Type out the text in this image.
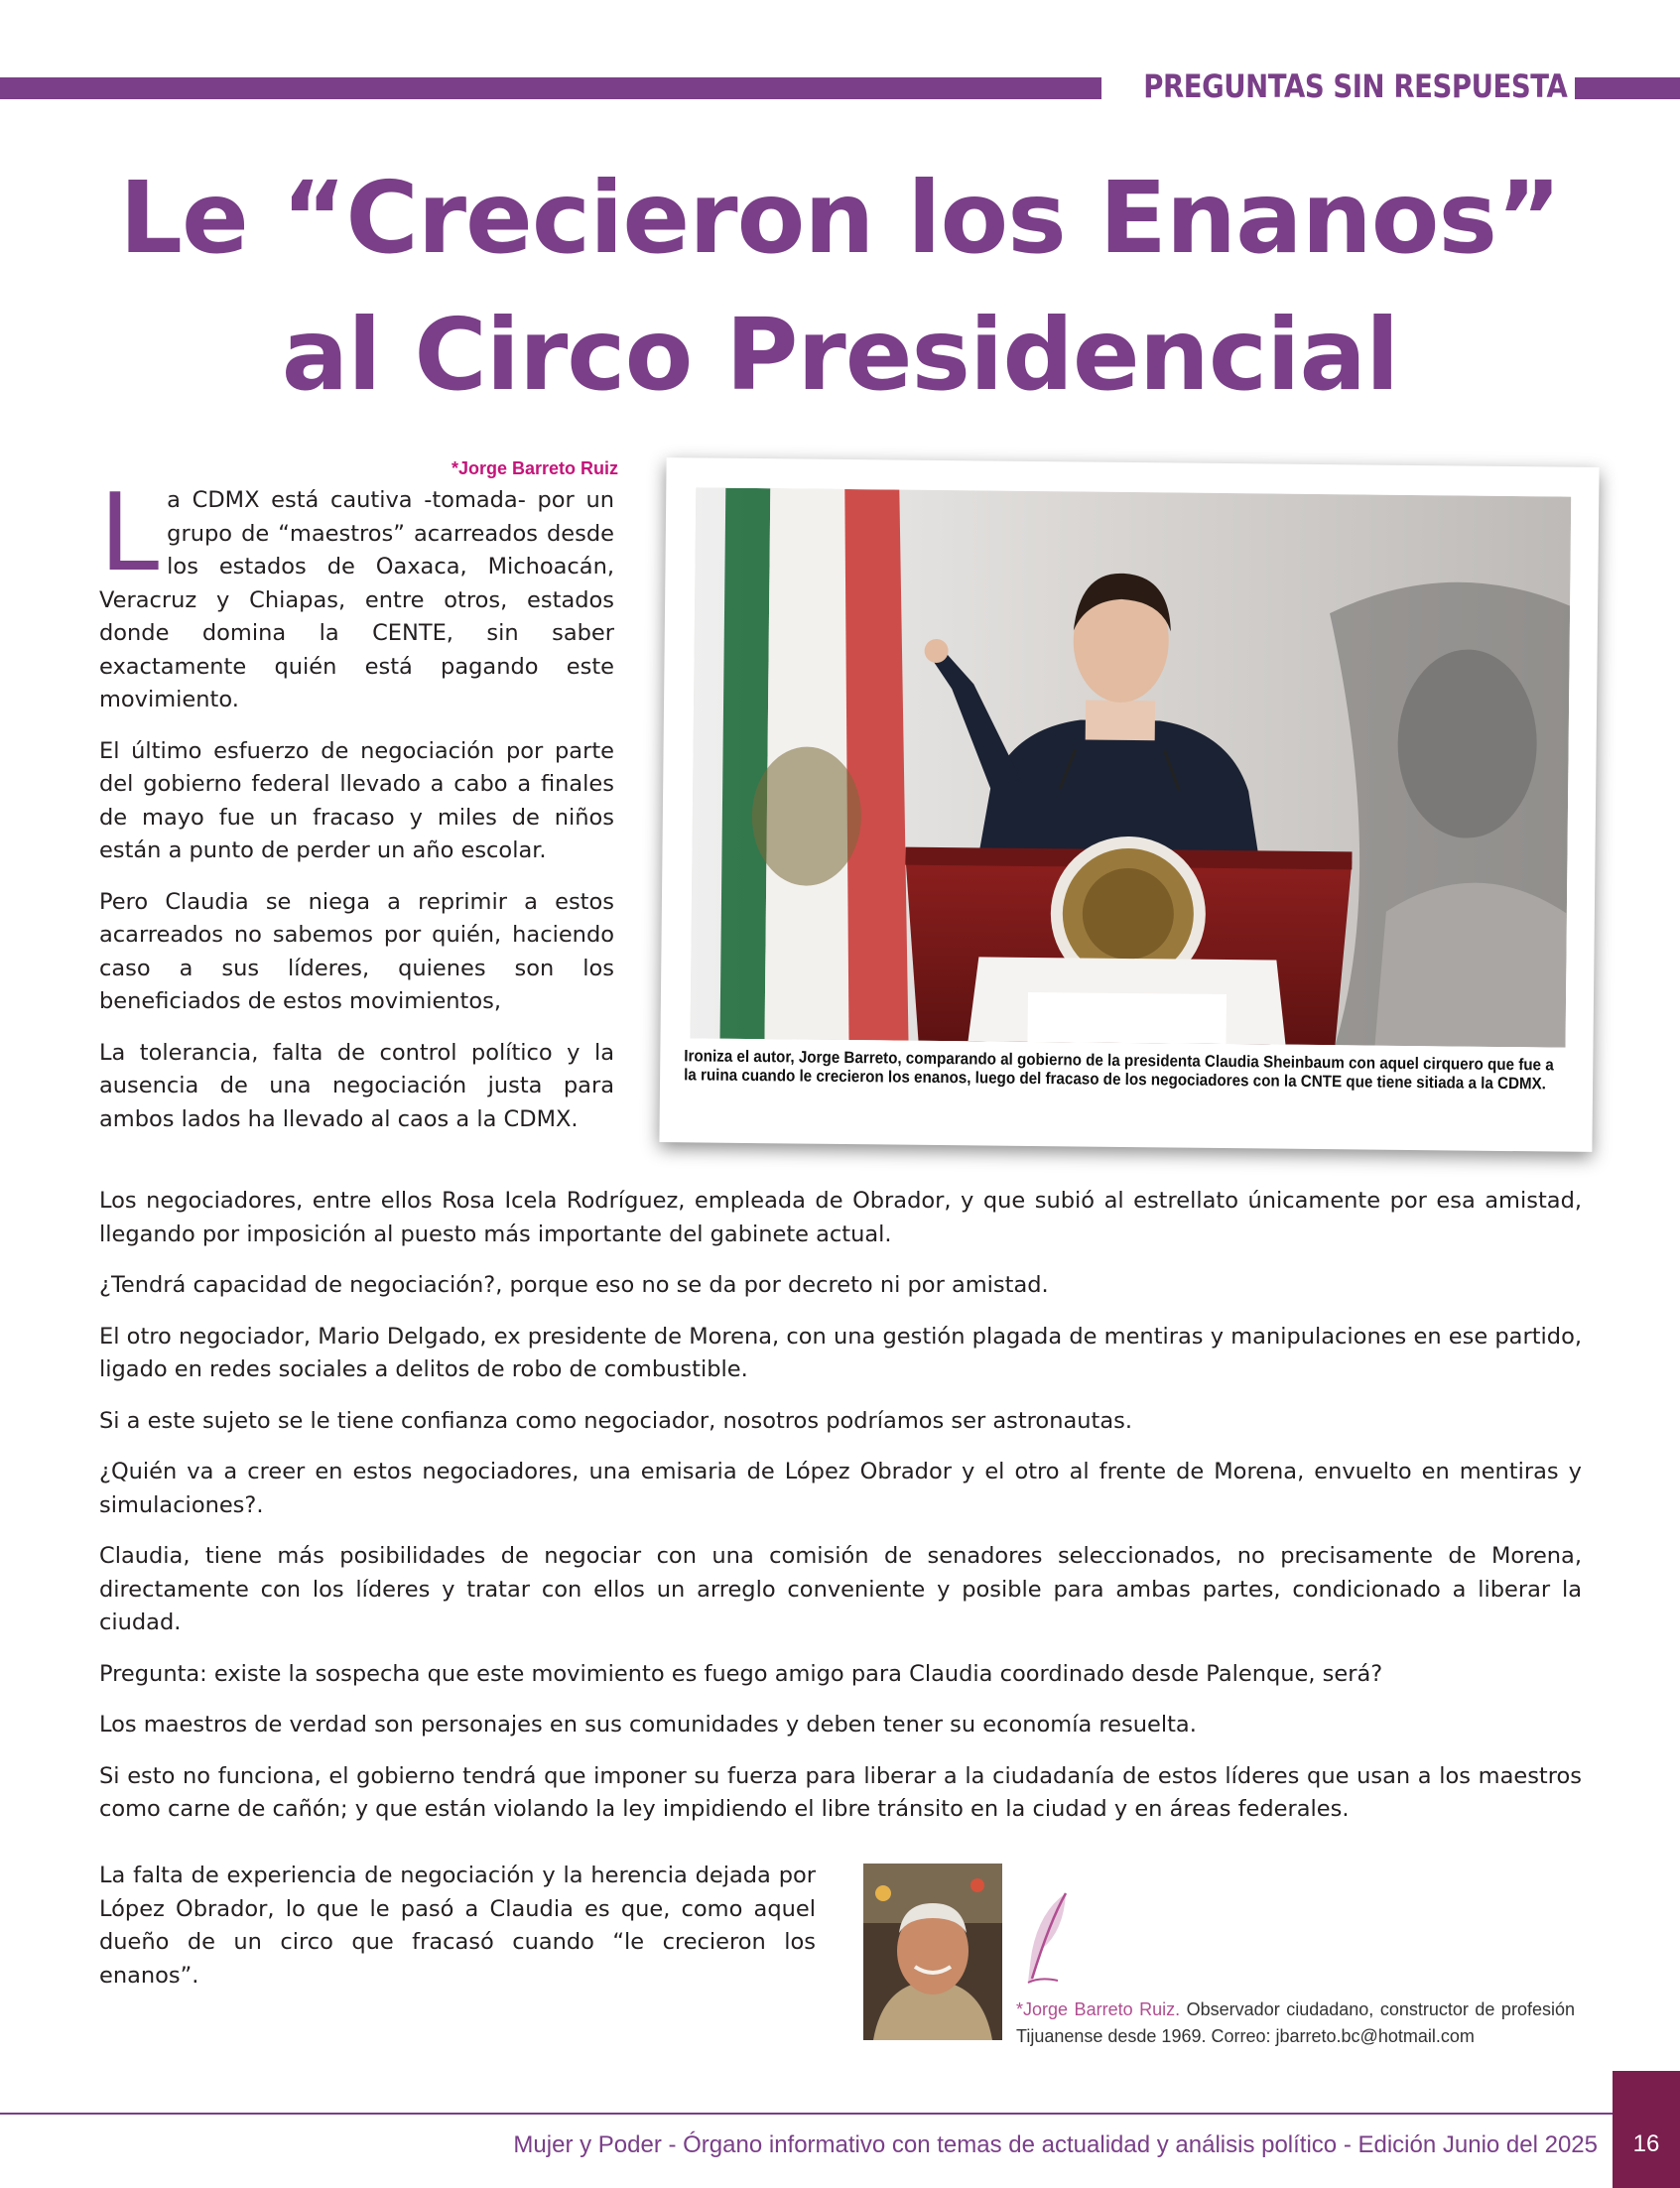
PREGUNTAS SIN RESPUESTA
Le “Crecieron los Enanos”
al Circo Presidencial
*Jorge Barreto Ruiz

La CDMX está cautiva -tomada- por un grupo de “maestros” acarreados desde los estados de Oaxaca, Michoacán, Veracruz y Chiapas, entre otros, estados donde domina la CENTE, sin saber exactamente quién está pagando este movimiento.

El último esfuerzo de negociación por parte del gobierno federal llevado a cabo a finales de mayo fue un fracaso y miles de niños están a punto de perder un año escolar.

Pero Claudia se niega a reprimir a estos acarreados no sabemos por quién, haciendo caso a sus líderes, quienes son los beneficiados de estos movimientos,

La tolerancia, falta de control político y la ausencia de una negociación justa para ambos lados ha llevado al caos a la CDMX.

Ironiza el autor, Jorge Barreto, comparando al gobierno de la presidenta Claudia Sheinbaum con aquel cirquero que fue a la ruina cuando le crecieron los enanos, luego del fracaso de los negociadores con la CNTE que tiene sitiada a la CDMX.

Los negociadores, entre ellos Rosa Icela Rodríguez, empleada de Obrador, y que subió al estrellato únicamente por esa amistad, llegando por imposición al puesto más importante del gabinete actual.

¿Tendrá capacidad de negociación?, porque eso no se da por decreto ni por amistad.

El otro negociador, Mario Delgado, ex presidente de Morena, con una gestión plagada de mentiras y manipulaciones en ese partido, ligado en redes sociales a delitos de robo de combustible.

Si a este sujeto se le tiene confianza como negociador, nosotros podríamos ser astronautas.

¿Quién va a creer en estos negociadores, una emisaria de López Obrador y el otro al frente de Morena, envuelto en mentiras y simulaciones?.

Claudia, tiene más posibilidades de negociar con una comisión de senadores seleccionados, no precisamente de Morena, directamente con los líderes y tratar con ellos un arreglo conveniente y posible para ambas partes, condicionado a liberar la ciudad.

Pregunta: existe la sospecha que este movimiento es fuego amigo para Claudia coordinado desde Palenque, será?

Los maestros de verdad son personajes en sus comunidades y deben tener su economía resuelta.

Si esto no funciona, el gobierno tendrá que imponer su fuerza para liberar a la ciudadanía de estos líderes que usan a los maestros como carne de cañón; y que están violando la ley impidiendo el libre tránsito en la ciudad y en áreas federales.

La falta de experiencia de negociación y la herencia dejada por López Obrador, lo que le pasó a Claudia es que, como aquel dueño de un circo que fracasó cuando “le crecieron los enanos”.

*Jorge Barreto Ruiz. Observador ciudadano, constructor de profesión Tijuanense desde 1969. Correo: jbarreto.bc@hotmail.com
Mujer y Poder - Órgano informativo con temas de actualidad y análisis político - Edición Junio del 2025	16
